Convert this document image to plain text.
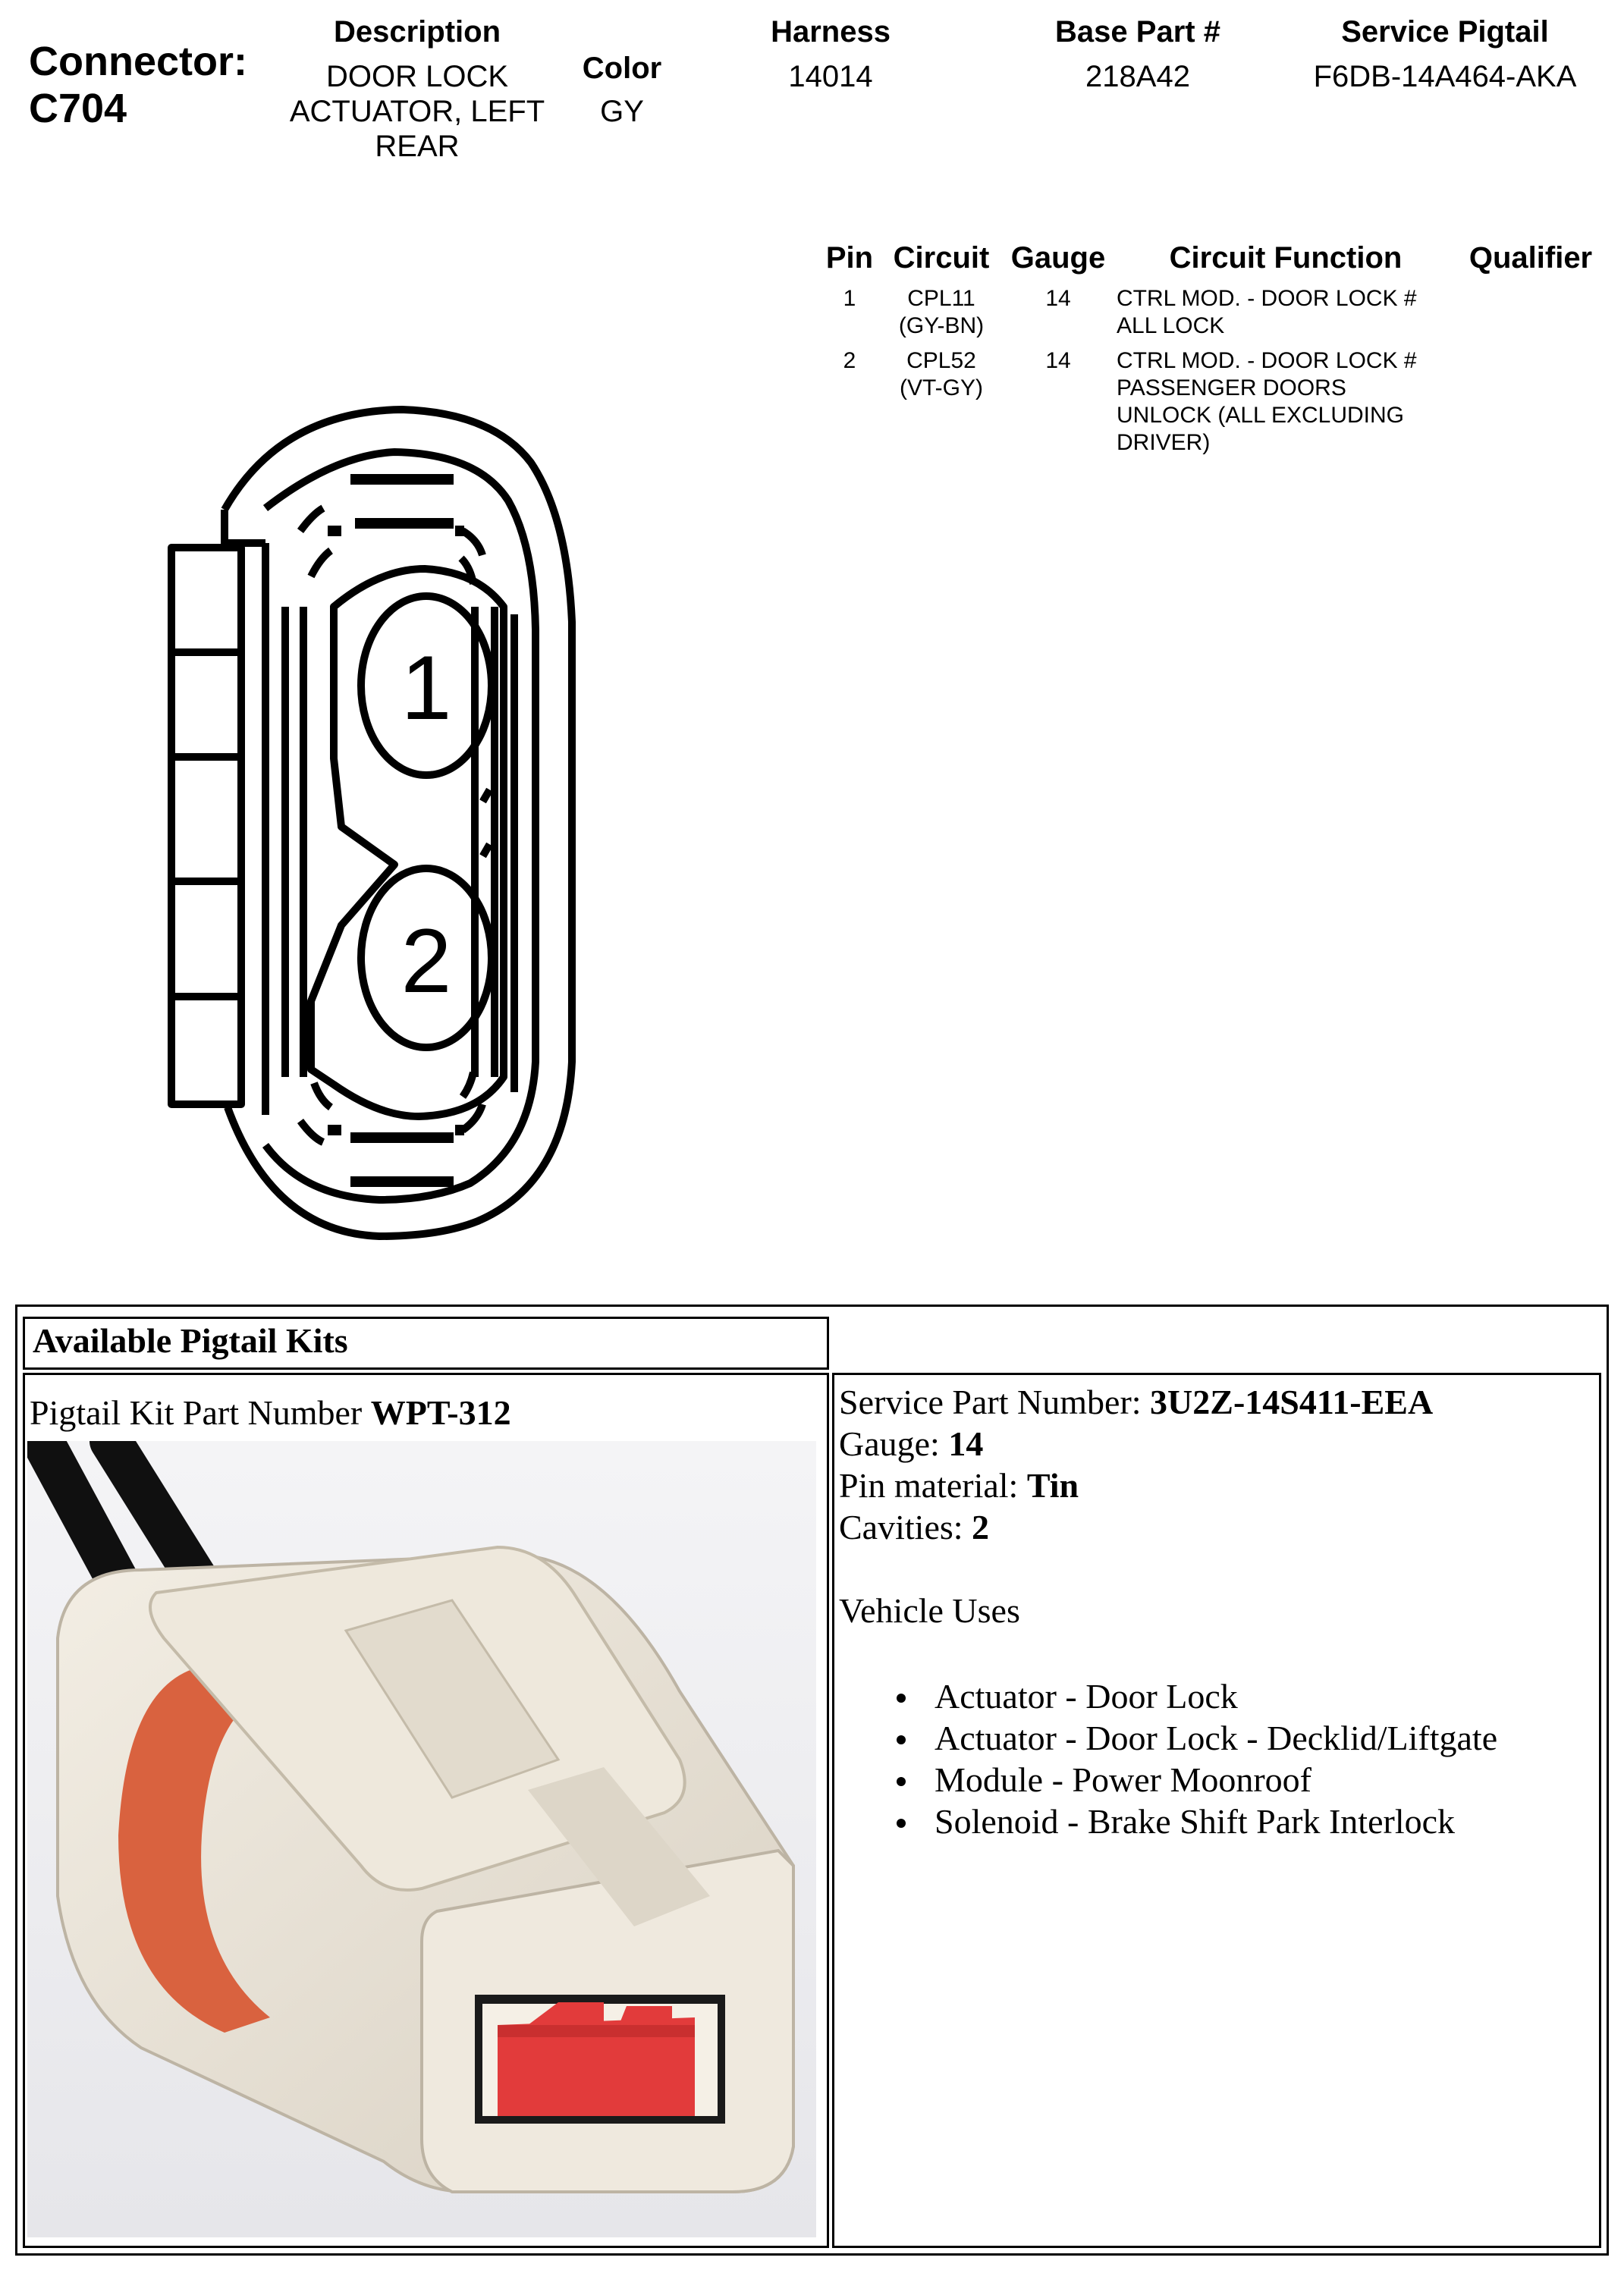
Connector:
C704
Description
DOOR LOCK
ACTUATOR, LEFT
REAR
Color
GY
Harness
14014
Base Part #
218A42
Service Pigtail
F6DB-14A464-AKA
Pin Circuit Gauge	Circuit Function	Qualifier
1	CPL11
(GY-BN)
14	CTRL MOD. - DOOR LOCK #
ALL LOCK
2	CPL52
(VT-GY)
14	CTRL MOD. - DOOR LOCK #
PASSENGER DOORS
UNLOCK (ALL EXCLUDING
DRIVER)
1
2
Available Pigtail Kits
Pigtail Kit Part Number WPT-312	Service Part Number: 3U2Z-14S411-EEA
Gauge: 14
Pin material: Tin
Cavities: 2
Vehicle Uses
Actuator - Door Lock
Actuator - Door Lock - Decklid/Liftgate
Module - Power Moonroof
Solenoid - Brake Shift Park Interlock
